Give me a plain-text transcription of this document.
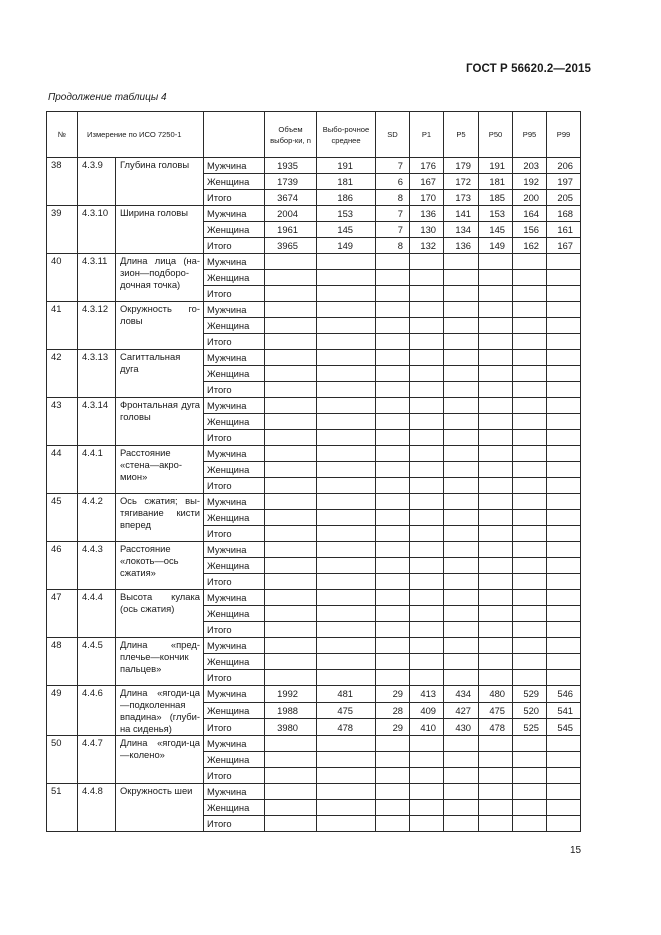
ГОСТ Р 56620.2—2015
Продолжение таблицы 4
№	Измерение по ИСО 7250-1			Объем выбор-ки, n	Выбо-рочное среднее	SD	P1	P5	P50	P95	P99
38	4.3.9	Глубина головы	Мужчина	1935	191	7	176	179	191	203	206
			Женщина	1739	181	6	167	172	181	192	197
			Итого	3674	186	8	170	173	185	200	205
39	4.3.10	Ширина головы	Мужчина	2004	153	7	136	141	153	164	168
			Женщина	1961	145	7	130	134	145	156	161
			Итого	3965	149	8	132	136	149	162	167
40	4.3.11	Длина лица (на-зион—подборо-дочная точка)	Мужчина								
			Женщина								
			Итого								
41	4.3.12	Окружность го-ловы	Мужчина								
			Женщина								
			Итого								
42	4.3.13	Сагиттальная дуга	Мужчина								
			Женщина								
			Итого								
43	4.3.14	Фронтальная дуга головы	Мужчина								
			Женщина								
			Итого								
44	4.4.1	Расстояние «стена—акро-мион»	Мужчина								
			Женщина								
			Итого								
45	4.4.2	Ось сжатия; вы-тягивание кисти вперед	Мужчина								
			Женщина								
			Итого								
46	4.4.3	Расстояние «локоть—ось сжатия»	Мужчина								
			Женщина								
			Итого								
47	4.4.4	Высота кулака (ось сжатия)	Мужчина								
			Женщина								
			Итого								
48	4.4.5	Длина «пред-плечье—кончик пальцев»	Мужчина								
			Женщина								
			Итого								
49	4.4.6	Длина «ягоди-ца—подколенная впадина» (глуби-на сиденья)	Мужчина	1992	481	29	413	434	480	529	546
			Женщина	1988	475	28	409	427	475	520	541
			Итого	3980	478	29	410	430	478	525	545
50	4.4.7	Длина «ягоди-ца—колено»	Мужчина								
			Женщина								
			Итого								
51	4.4.8	Окружность шеи	Мужчина								
			Женщина								
			Итого								
15
